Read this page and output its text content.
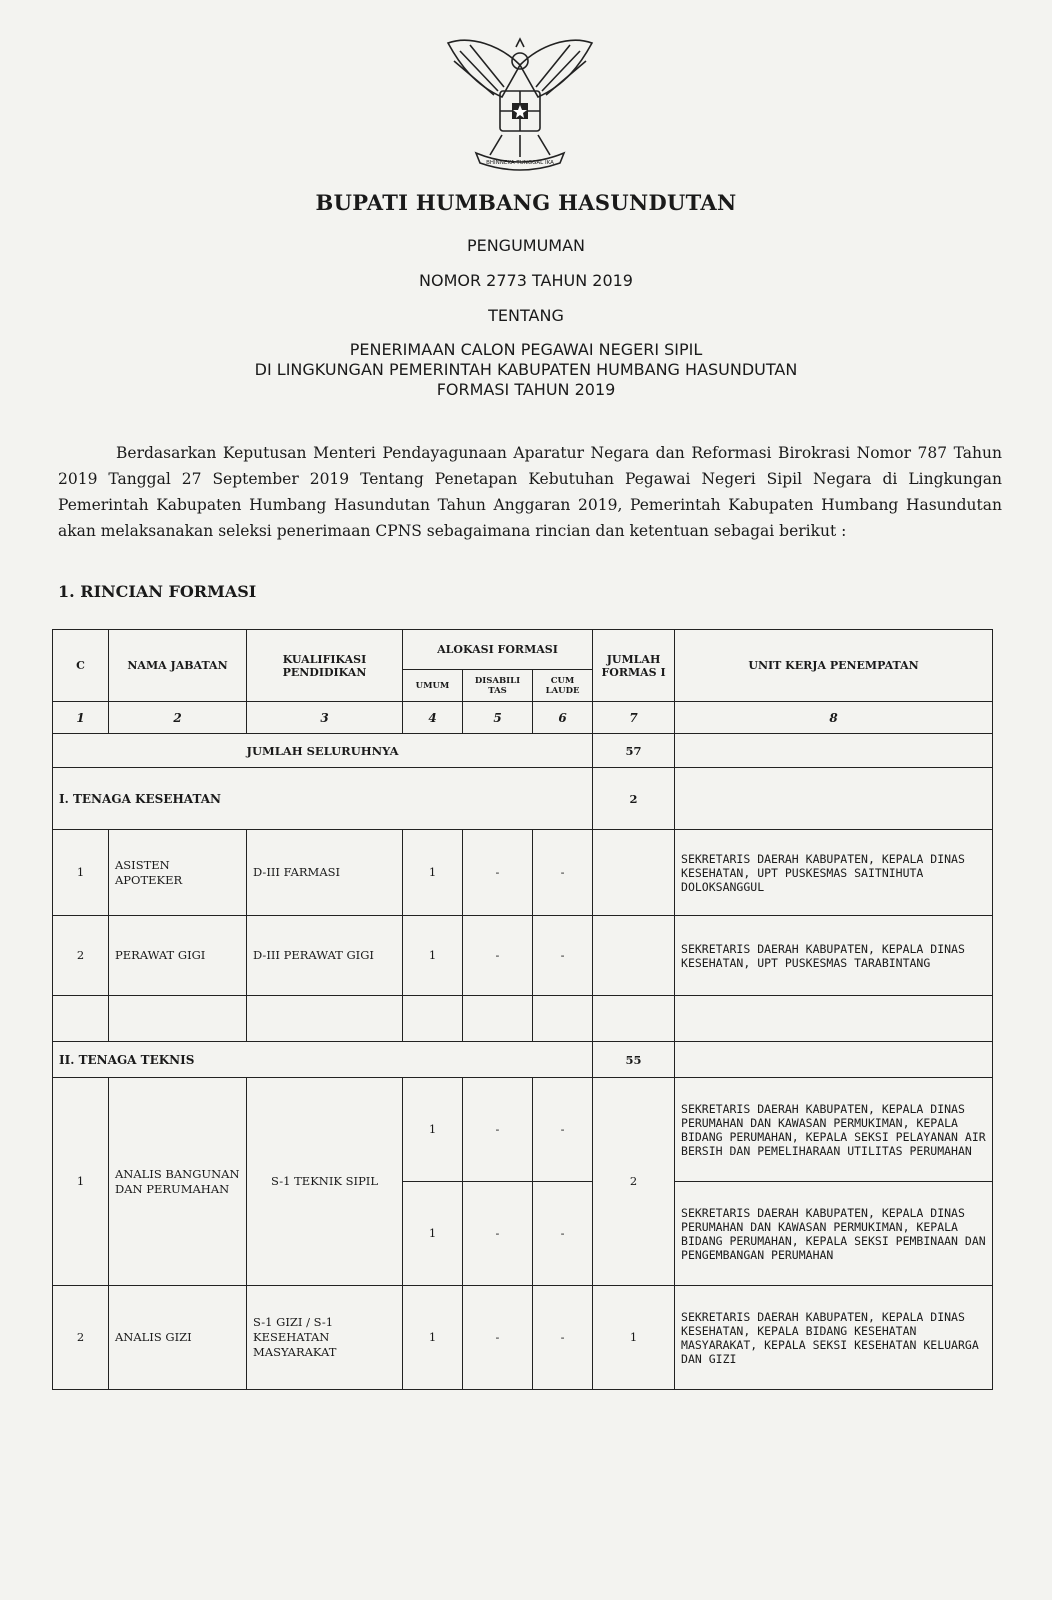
BHINNEKA TUNGGAL IKA
BUPATI HUMBANG HASUNDUTAN
PENGUMUMAN
NOMOR 2773 TAHUN 2019
TENTANG
PENERIMAAN CALON PEGAWAI NEGERI SIPIL
DI LINGKUNGAN PEMERINTAH KABUPATEN HUMBANG HASUNDUTAN
FORMASI TAHUN 2019

Berdasarkan Keputusan Menteri Pendayagunaan Aparatur Negara dan Reformasi Birokrasi Nomor 787 Tahun 2019 Tanggal 27 September 2019 Tentang Penetapan Kebutuhan Pegawai Negeri Sipil Negara di Lingkungan Pemerintah Kabupaten Humbang Hasundutan Tahun Anggaran 2019, Pemerintah Kabupaten Humbang Hasundutan akan melaksanakan seleksi penerimaan CPNS sebagaimana rincian dan ketentuan sebagai berikut :

1. RINCIAN FORMASI
C	NAMA JABATAN	KUALIFIKASI PENDIDIKAN	ALOKASI FORMASI			JUMLAH FORMAS I	UNIT KERJA PENEMPATAN
			UMUM	DISABILI TAS	CUM LAUDE		
1	2	3	4	5	6	7	8
JUMLAH SELURUHNYA						57	
I. TENAGA KESEHATAN						2	
1	ASISTEN APOTEKER	D-III FARMASI	1	-	-		SEKRETARIS DAERAH KABUPATEN, KEPALA DINAS KESEHATAN, UPT PUSKESMAS SAITNIHUTA DOLOKSANGGUL
2	PERAWAT GIGI	D-III PERAWAT GIGI	1	-	-		SEKRETARIS DAERAH KABUPATEN, KEPALA DINAS KESEHATAN, UPT PUSKESMAS TARABINTANG

II. TENAGA TEKNIS						55	
1	ANALIS BANGUNAN DAN PERUMAHAN	S-1 TEKNIK SIPIL	1	-	-	2	SEKRETARIS DAERAH KABUPATEN, KEPALA DINAS PERUMAHAN DAN KAWASAN PERMUKIMAN, KEPALA BIDANG PERUMAHAN, KEPALA SEKSI PELAYANAN AIR BERSIH DAN PEMELIHARAAN UTILITAS PERUMAHAN
			1	-	-		SEKRETARIS DAERAH KABUPATEN, KEPALA DINAS PERUMAHAN DAN KAWASAN PERMUKIMAN, KEPALA BIDANG PERUMAHAN, KEPALA SEKSI PEMBINAAN DAN PENGEMBANGAN PERUMAHAN
2	ANALIS GIZI	S-1 GIZI / S-1 KESEHATAN MASYARAKAT	1	-	-	1	SEKRETARIS DAERAH KABUPATEN, KEPALA DINAS KESEHATAN, KEPALA BIDANG KESEHATAN MASYARAKAT, KEPALA SEKSI KESEHATAN KELUARGA DAN GIZI
